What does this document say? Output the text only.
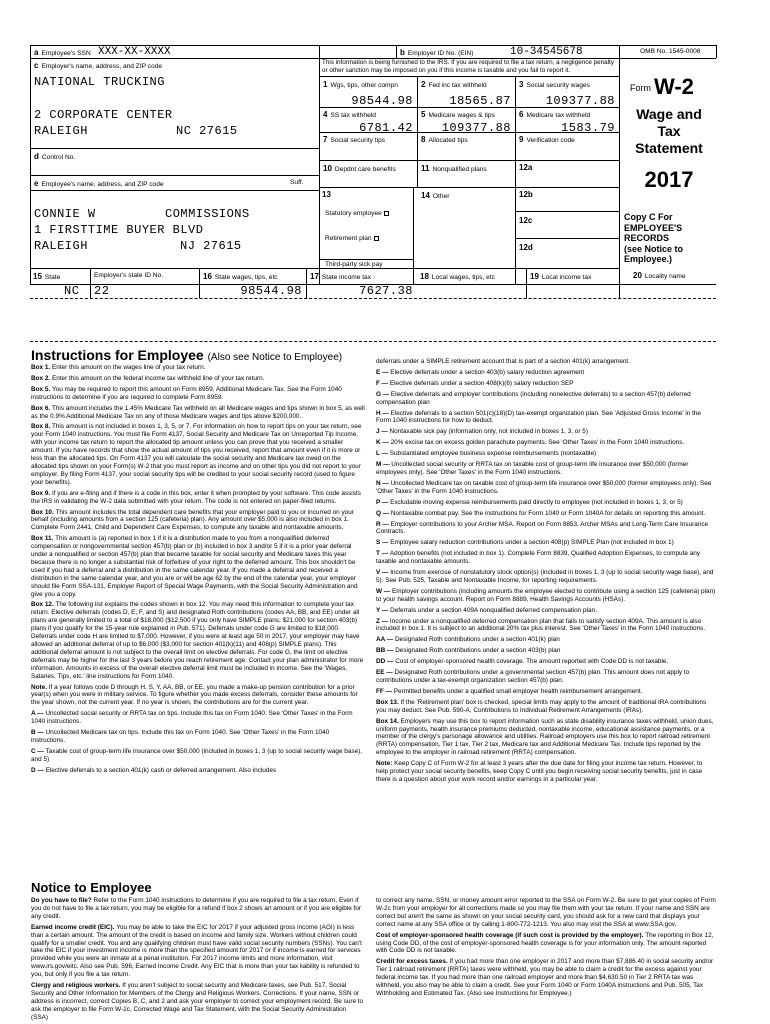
a Employee's SSN XXX-XX-XXXX	b Employer ID No. (EIN)	10-34545678	OMB No. 1545-0008
c Employer's name, address, and ZIP code
NATIONAL TRUCKING
2 CORPORATE CENTER
RALEIGH	NC 27615
This information is being furnished to the IRS. If you are required to file a tax return, a negligence penalty or other sanction may be imposed on you if this income is taxable and you fail to report it.
1 Wgs, tips, other compn
98544.98
2 Fed inc tax withheld
18565.87
3 Social security wages
109377.88
4 SS tax withheld
6781.42
5 Medicare wages & tips
109377.88
6 Medicare tax withheld
1583.79
7 Social security tips	8 Allocated tips	9 Verification code
d Control No.
10 Depdnt care benefits	11 Nonqualified plans	12a
e Employee's name, address, and ZIP code	Suff.
CONNIE W	COMMISSIONS
1 FIRSTTIME BUYER BLVD
RALEIGH	NJ 27615
13	14 Other	12b
12c
12d
Statutory employee
Retirement plan
Third-party sick pay
Form W-2
Wage and
Tax
Statement
2017
Copy C For
EMPLOYEE'S
RECORDS
(see Notice to
Employee.)
15 State	Employer's state ID No.
NC 22
16 State wages, tips, etc
98544.98
17 State income tax
7627.38
18 Local wages, tips, etc	19 Local income tax	20 Locality name
Instructions for Employee (Also see Notice to Employee)

Box 1. Enter this amount on the wages line of your tax return.

Box 2. Enter this amount on the federal income tax withheld line of your tax return.

Box 5. You may be required to report this amount on Form 8959, Additional Medicare Tax. See the Form 1040 instructions to determine if you are required to complete Form 8959.

Box 6. This amount includes the 1.45% Medicare Tax withheld on all Medicare wages and tips shown in box 5, as well as the 0.9% Additional Medicare Tax on any of those Medicare wages and tips above $200,000.

Box 8. This amount is not included in boxes 1, 3, 5, or 7. For information on how to report tips on your tax return, see your Form 1040 instructions. You must file Form 4137, Social Security and Medicare Tax on Unreported Tip Income, with your income tax return to report the allocated tip amount unless you can prove that you received a smaller amount. If you have records that show the actual amount of tips you received, report that amount even if it is more or less than the allocated tips. On Form 4137 you will calculate the social security and Medicare tax owed on the allocated tips shown on your Form(s) W-2 that you must report as income and on other tips you did not report to your employer. By filing Form 4137, your social security tips will be credited to your social security record (used to figure your benefits).

Box 9. If you are e-filing and if there is a code in this box, enter it when prompted by your software. This code assists the IRS in validating the W-2 data submitted with your return. The code is not entered on paper-filed returns.

Box 10. This amount includes the total dependent care benefits that your employer paid to you or incurred on your behalf (including amounts from a section 125 (cafeteria) plan). Any amount over $5,000 is also included in box 1. Complete Form 2441, Child and Dependent Care Expenses, to compute any taxable and nontaxable amounts.

Box 11. This amount is (a) reported in box 1 if it is a distribution made to you from a nonqualified deferred compensation or nongovernmental section 457(b) plan or (b) included in box 3 and/or 5 if it is a prior year deferral under a nonqualified or section 457(b) plan that became taxable for social security and Medicare taxes this year because there is no longer a substantial risk of forfeiture of your right to the deferred amount. This box shouldn't be used if you had a deferral and a distribution in the same calendar year. If you made a deferral and received a distribution in the same calendar year, and you are or will be age 62 by the end of the calendar year, your employer should file Form SSA-131, Employer Report of Special Wage Payments, with the Social Security Administration and give you a copy.

Box 12. The following list explains the codes shown in box 12. You may need this information to complete your tax return. Elective deferrals (codes D, E, F, and S) and designated Roth contributions (codes AA, BB, and EE) under all plans are generally limited to a total of $18,000 ($12,500 if you only have SIMPLE plans; $21,000 for section 403(b) plans if you qualify for the 15-year rule explained in Pub. 571). Deferrals under code G are limited to $18,000. Deferrals under code H are limited to $7,000. However, if you were at least age 50 in 2017, your employer may have allowed an additional deferral of up to $6,000 ($3,000 for section 401(k)(11) and 408(p) SIMPLE plans). This additional deferral amount is not subject to the overall limit on elective deferrals. For code G, the limit on elective deferrals may be higher for the last 3 years before you reach retirement age. Contact your plan administrator for more information. Amounts in excess of the overall elective deferral limit must be included in income. See the 'Wages, Salaries, Tips, etc.' line instructions for Form 1040.

Note. If a year follows code D through H, S, Y, AA, BB, or EE, you made a make-up pension contribution for a prior year(s) when you were in military service. To figure whether you made excess deferrals, consider these amounts for the year shown, not the current year. If no year is shown, the contributions are for the current year.

A — Uncollected social security or RRTA tax on tips. Include this tax on Form 1040. See 'Other Taxes' in the Form 1040 instructions.

B — Uncollected Medicare tax on tips. Include this tax on Form 1040. See 'Other Taxes' in the Form 1040 instructions.

C — Taxable cost of group-term life insurance over $50,000 (included in boxes 1, 3 (up to social security wage base), and 5)

D — Elective deferrals to a section 401(k) cash or deferred arrangement. Also includes

deferrals under a SIMPLE retirement account that is part of a section 401(k) arrangement.

E — Elective deferrals under a section 403(b) salary reduction agreement

F — Elective deferrals under a section 408(k)(6) salary reduction SEP

G — Elective deferrals and employer contributions (including nonelective deferrals) to a section 457(b) deferred compensation plan

H — Elective deferrals to a section 501(c)(18)(D) tax-exempt organization plan. See 'Adjusted Gross Income' in the Form 1040 instructions for how to deduct.

J — Nontaxable sick pay (information only, not included in boxes 1, 3, or 5)

K — 20% excise tax on excess golden parachute payments. See 'Other Taxes' in the Form 1040 instructions.

L — Substantiated employee business expense reimbursements (nontaxable)

M — Uncollected social security or RRTA tax on taxable cost of group-term life insurance over $50,000 (former employees only). See 'Other Taxes' in the Form 1040 instructions.

N — Uncollected Medicare tax on taxable cost of group-term life insurance over $50,000 (former employees only). See 'Other Taxes' in the Form 1040 instructions.

P — Excludable moving expense reimbursements paid directly to employee (not included in boxes 1, 3, or 5)

Q — Nontaxable combat pay. See the instructions for Form 1040 or Form 1040A for details on reporting this amount.

R — Employer contributions to your Archer MSA. Report on Form 8853, Archer MSAs and Long-Term Care Insurance Contracts.

S — Employee salary reduction contributions under a section 408(p) SIMPLE Plan (not included in box 1)

T — Adoption benefits (not included in box 1). Complete Form 8839, Qualified Adoption Expenses, to compute any taxable and nontaxable amounts.

V — Income from exercise of nonstatutory stock option(s) (included in boxes 1, 3 (up to social security wage base), and 5). See Pub. 525, Taxable and Nontaxable Income, for reporting requirements.

W — Employer contributions (including amounts the employee elected to contribute using a section 125 (cafeteria) plan) to your health savings account. Report on Form 8889, Health Savings Accounts (HSAs).

Y — Deferrals under a section 409A nonqualified deferred compensation plan.

Z — Income under a nonqualified deferred compensation plan that fails to satisfy section 409A. This amount is also included in box 1. It is subject to an additional 20% tax plus interest. See 'Other Taxes' in the Form 1040 instructions.

AA — Designated Roth contributions under a section 401(k) plan

BB — Designated Roth contributions under a section 403(b) plan

DD — Cost of employer-sponsored health coverage. The amount reported with Code DD is not taxable.

EE — Designated Roth contributions under a governmental section 457(b) plan. This amount does not apply to contributions under a tax-exempt organization section 457(b) plan.

FF — Permitted benefits under a qualified small employer health reimbursement arrangement.

Box 13. If the 'Retirement plan' box is checked, special limits may apply to the amount of traditional IRA contributions you may deduct. See Pub. 590-A, Contributions to Individual Retirement Arrangements (IRAs).

Box 14. Employers may use this box to report information such as state disability insurance taxes withheld, union dues, uniform payments, health insurance premiums deducted, nontaxable income, educational assistance payments, or a member of the clergy's parsonage allowance and utilities. Railroad employers use this box to report railroad retirement (RRTA) compensation, Tier 1 tax, Tier 2 tax, Medicare tax and Additional Medicare Tax. Include tips reported by the employee to the employer in railroad retirement (RRTA) compensation.

Note: Keep Copy C of Form W-2 for at least 3 years after the due date for filing your income tax return. However, to help protect your social security benefits, keep Copy C until you begin receiving social security benefits, just in case there is a question about your work record and/or earnings in a particular year.

Notice to Employee

Do you have to file? Refer to the Form 1040 instructions to determine if you are required to file a tax return. Even if you do not have to file a tax return, you may be eligible for a refund if box 2 shows an amount or if you are eligible for any credit.

Earned income credit (EIC). You may be able to take the EIC for 2017 if your adjusted gross income (AGI) is less than a certain amount. The amount of the credit is based on income and family size. Workers without children could qualify for a smaller credit. You and any qualifying children must have valid social security numbers (SSNs). You can't take the EIC if your investment income is more than the specified amount for 2017 or if income is earned for services provided while you were an inmate at a penal institution. For 2017 income limits and more information, visit www.irs.gov/eitc. Also see Pub. 596, Earned Income Credit. Any EIC that is more than your tax liability is refunded to you, but only if you file a tax return.

Clergy and religious workers. If you aren't subject to social security and Medicare taxes, see Pub. 517, Social Security and Other Information for Members of the Clergy and Religious Workers. Corrections. If your name, SSN or address is incorrect, correct Copies B, C, and 2 and ask your employer to correct your employment record. Be sure to ask the employer to file Form W-2c, Corrected Wage and Tax Statement, with the Social Security Administration (SSA)

to correct any name, SSN, or money amount error reported to the SSA on Form W-2. Be sure to get your copies of Form W-2c from your employer for all corrections made so you may file them with your tax return. If your name and SSN are correct but aren't the same as shown on your social security card, you should ask for a new card that displays your correct name at any SSA office or by calling 1-800-772-1213. You also may visit the SSA at www.SSA.gov.

Cost of employer-sponsored health coverage (if such cost is provided by the employer). The reporting in Box 12, using Code DD, of the cost of employer-sponsored health coverage is for your information only. The amount reported with Code DD is not taxable.

Credit for excess taxes. If you had more than one employer in 2017 and more than $7,886.40 in social security and/or Tier 1 railroad retirement (RRTA) taxes were withheld, you may be able to claim a credit for the excess against your federal income tax. If you had more than one railroad employer and more than $4,630.50 in Tier 2 RRTA tax was withheld, you also may be able to claim a credit. See your Form 1040 or Form 1040A instructions and Pub. 505, Tax Withholding and Estimated Tax. (Also see Instructions for Employee.)
